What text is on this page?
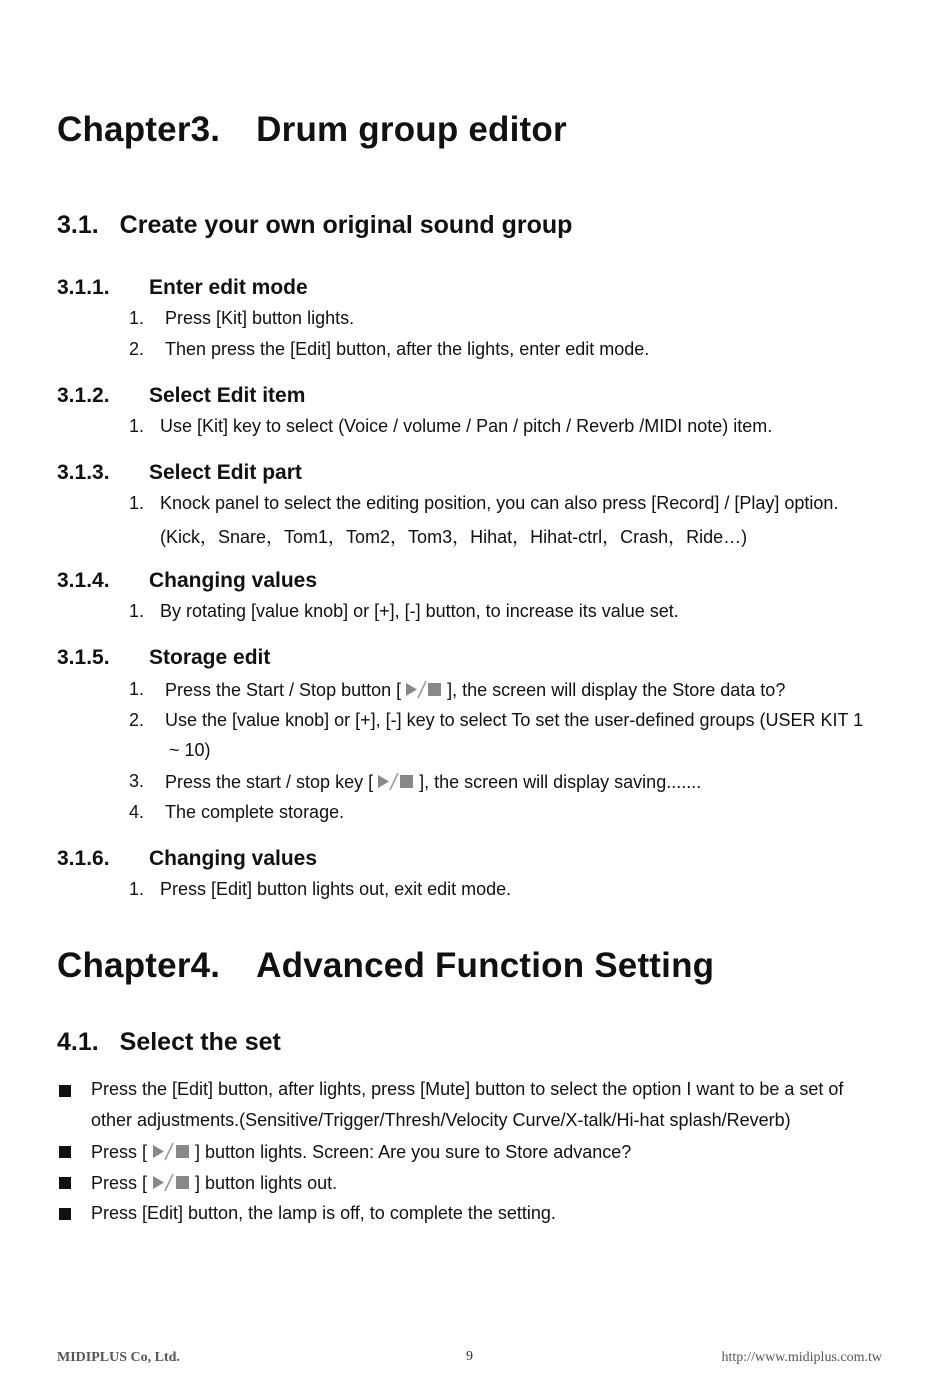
Chapter3. Drum group editor
3.1. Create your own original sound group
3.1.1. Enter edit mode
1. Press [Kit] button lights.
2. Then press the [Edit] button, after the lights, enter edit mode.
3.1.2. Select Edit item
1. Use [Kit] key to select (Voice / volume / Pan / pitch / Reverb /MIDI note) item.
3.1.3. Select Edit part
1. Knock panel to select the editing position, you can also press [Record] / [Play] option.
(Kick，Snare，Tom1，Tom2，Tom3，Hihat，Hihat-ctrl，Crash，Ride…)
3.1.4. Changing values
1. By rotating [value knob] or [+], [-] button, to increase its value set.
3.1.5. Storage edit
1. Press the Start / Stop button [	], the screen will display the Store data to?
2. Use the [value knob] or [+], [-] key to select To set the user-defined groups (USER KIT 1
~ 10)
3. Press the start / stop key [	], the screen will display saving.......
4. The complete storage.
3.1.6. Changing values
1. Press [Edit] button lights out, exit edit mode.
Chapter4. Advanced Function Setting
4.1. Select the set
Press the [Edit] button, after lights, press [Mute] button to select the option I want to be a set of
other adjustments.(Sensitive/Trigger/Thresh/Velocity Curve/X-talk/Hi-hat splash/Reverb)
Press [	] button lights. Screen: Are you sure to Store advance?
Press [	] button lights out.
Press [Edit] button, the lamp is off, to complete the setting.
MIDIPLUS Co, Ltd.	9	http://www.midiplus.com.tw
